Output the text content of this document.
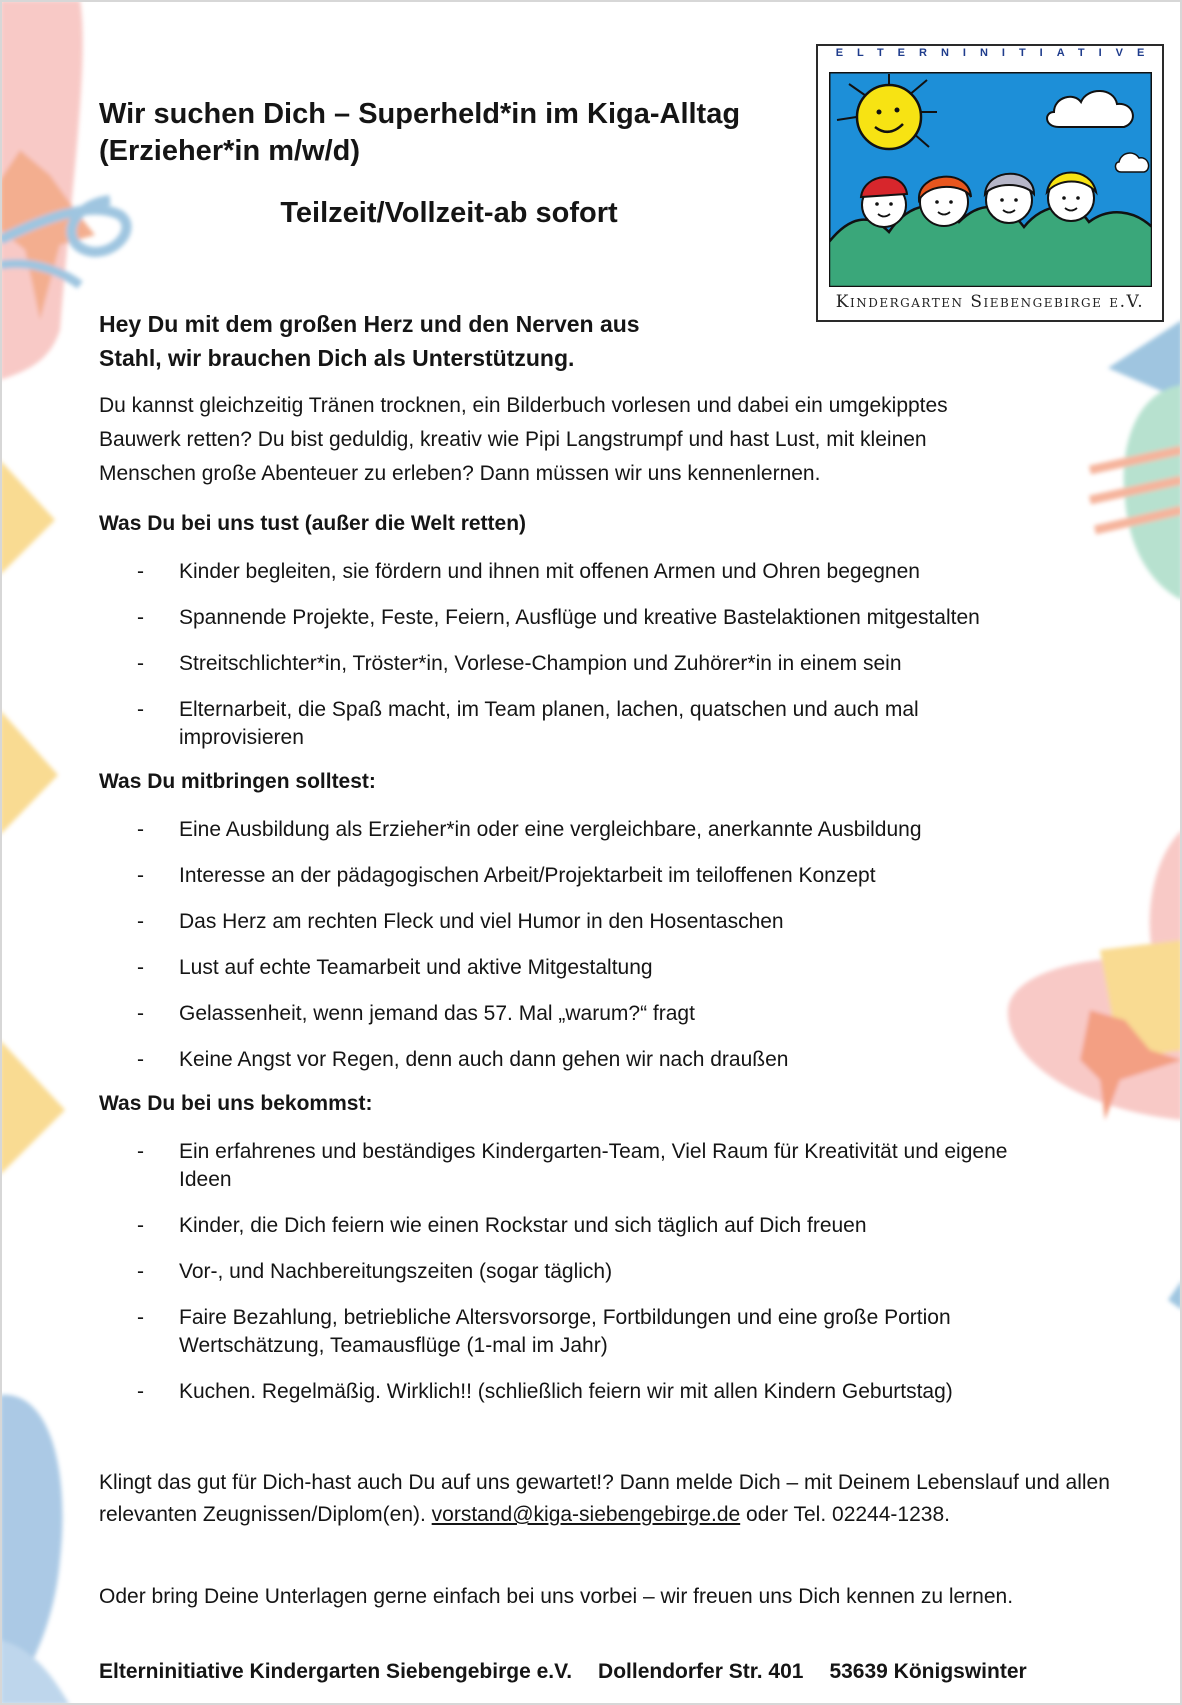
Wir suchen Dich – Superheld*in im Kiga-Alltag
(Erzieher*in m/w/d)
Teilzeit/Vollzeit-ab sofort
ELTERNINITIATIVE
Kindergarten Siebengebirge e.V.
Hey Du mit dem großen Herz und den Nerven aus
Stahl, wir brauchen Dich als Unterstützung.

Du kannst gleichzeitig Tränen trocknen, ein Bilderbuch vorlesen und dabei ein umgekipptes
Bauwerk retten? Du bist geduldig, kreativ wie Pipi Langstrumpf und hast Lust, mit kleinen
Menschen große Abenteuer zu erleben? Dann müssen wir uns kennenlernen.

Was Du bei uns tust (außer die Welt retten)
- Kinder begleiten, sie fördern und ihnen mit offenen Armen und Ohren begegnen
- Spannende Projekte, Feste, Feiern, Ausflüge und kreative Bastelaktionen mitgestalten
- Streitschlichter*in, Tröster*in, Vorlese-Champion und Zuhörer*in in einem sein
- Elternarbeit, die Spaß macht, im Team planen, lachen, quatschen und auch mal
improvisieren
Was Du mitbringen solltest:
- Eine Ausbildung als Erzieher*in oder eine vergleichbare, anerkannte Ausbildung
- Interesse an der pädagogischen Arbeit/Projektarbeit im teiloffenen Konzept
- Das Herz am rechten Fleck und viel Humor in den Hosentaschen
- Lust auf echte Teamarbeit und aktive Mitgestaltung
- Gelassenheit, wenn jemand das 57. Mal „warum?“ fragt
- Keine Angst vor Regen, denn auch dann gehen wir nach draußen
Was Du bei uns bekommst:
- Ein erfahrenes und beständiges Kindergarten-Team, Viel Raum für Kreativität und eigene
Ideen
- Kinder, die Dich feiern wie einen Rockstar und sich täglich auf Dich freuen
- Vor-, und Nachbereitungszeiten (sogar täglich)
- Faire Bezahlung, betriebliche Altersvorsorge, Fortbildungen und eine große Portion
Wertschätzung, Teamausflüge (1-mal im Jahr)
- Kuchen. Regelmäßig. Wirklich!! (schließlich feiern wir mit allen Kindern Geburtstag)

Klingt das gut für Dich-hast auch Du auf uns gewartet!? Dann melde Dich – mit Deinem Lebenslauf und allen relevanten Zeugnissen/Diplom(en). vorstand@kiga-siebengebirge.de oder Tel. 02244-1238.

Oder bring Deine Unterlagen gerne einfach bei uns vorbei – wir freuen uns Dich kennen zu lernen.

Elterninitiative Kindergarten Siebengebirge e.V. Dollendorfer Str. 401 53639 Königswinter
